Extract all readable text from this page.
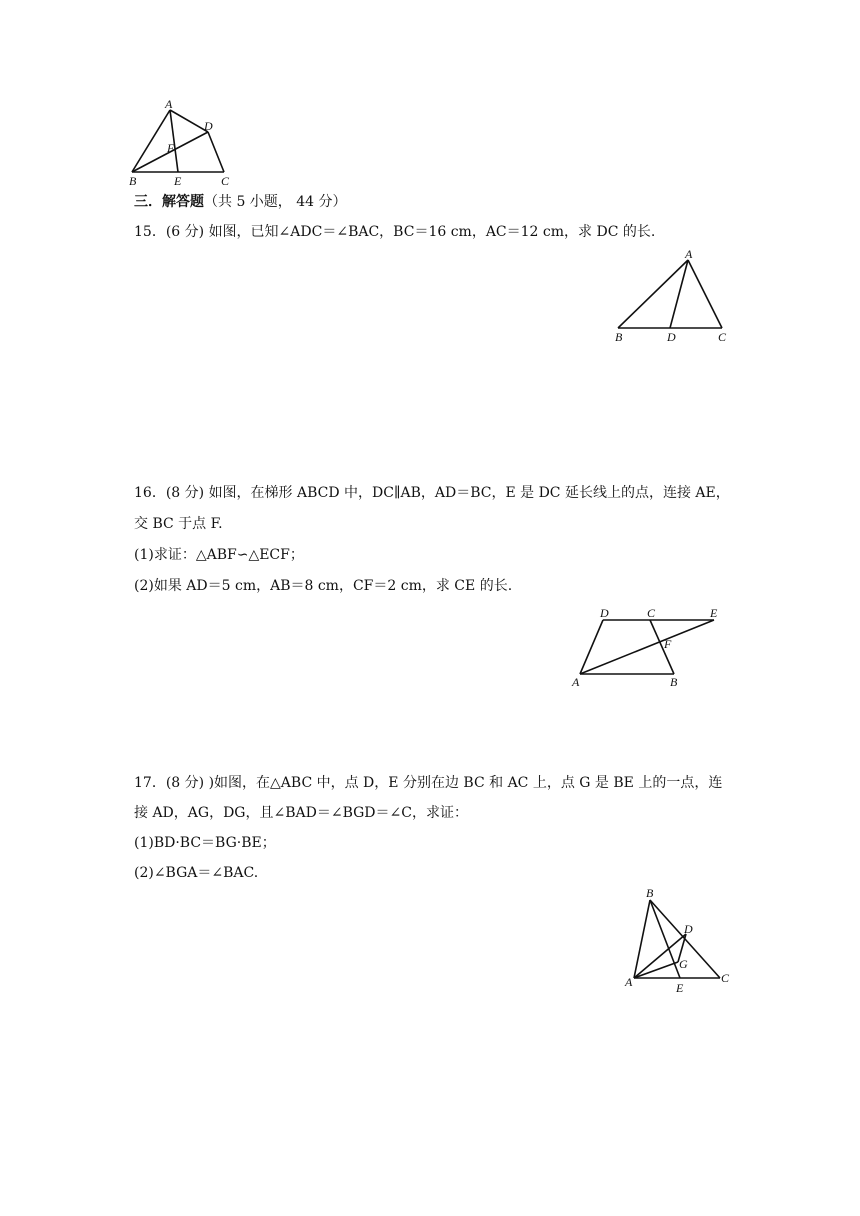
A
D
F
B	E	C
三．解答题（共 5 小题， 44 分）
15．(6 分) 如图，已知∠ADC＝∠BAC，BC＝16 cm，AC＝12 cm，求 DC 的长.
A
B	D	C
16．(8 分) 如图，在梯形 ABCD 中，DC∥AB，AD＝BC，E 是 DC 延长线上的点，连接 AE，
交 BC 于点 F.
(1)求证：△ABF∽△ECF；
(2)如果 AD＝5 cm，AB＝8 cm，CF＝2 cm，求 CE 的长.
D	C	E
F
A	B
17．(8 分) )如图，在△ABC 中，点 D，E 分别在边 BC 和 AC 上，点 G 是 BE 上的一点，连
接 AD，AG，DG，且∠BAD＝∠BGD＝∠C，求证：
(1)BD·BC＝BG·BE；
(2)∠BGA＝∠BAC.
B
D
G
A	E
C
